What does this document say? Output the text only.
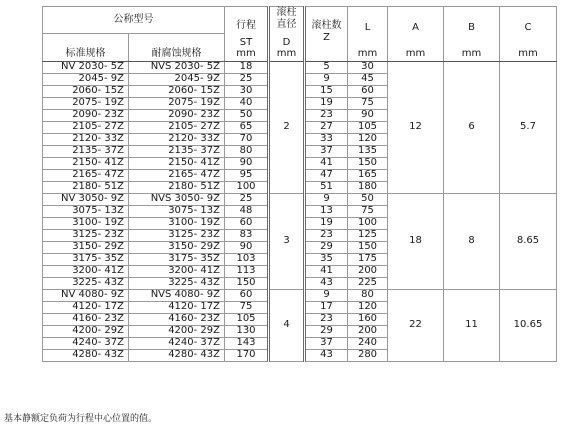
公称型号		行程	滚柱
直径	滚柱数	L	A	B	C
标准规格	耐腐蚀规格	ST
mm	D
mm	Z	mm	mm	mm	mm
NV 2030- 5Z	NVS 2030- 5Z	18	2	5	30	12	6	5.7
2045- 9Z	2045- 9Z	25		9	45			
2060- 15Z	2060- 15Z	30		15	60			
2075- 19Z	2075- 19Z	40		19	75			
2090- 23Z	2090- 23Z	50		23	90			
2105- 27Z	2105- 27Z	65		27	105			
2120- 33Z	2120- 33Z	70		33	120			
2135- 37Z	2135- 37Z	80		37	135			
2150- 41Z	2150- 41Z	90		41	150			
2165- 47Z	2165- 47Z	95		47	165			
2180- 51Z	2180- 51Z	100		51	180			
NV 3050- 9Z	NVS 3050- 9Z	25	3	9	50	18	8	8.65
3075- 13Z	3075- 13Z	48		13	75			
3100- 19Z	3100- 19Z	60		19	100			
3125- 23Z	3125- 23Z	83		23	125			
3150- 29Z	3150- 29Z	90		29	150			
3175- 35Z	3175- 35Z	103		35	175			
3200- 41Z	3200- 41Z	113		41	200			
3225- 43Z	3225- 43Z	150		43	225			
NV 4080- 9Z	NVS 4080- 9Z	60	4	9	80	22	11	10.65
4120- 17Z	4120- 17Z	75		17	120			
4160- 23Z	4160- 23Z	105		23	160			
4200- 29Z	4200- 29Z	130		29	200			
4240- 37Z	4240- 37Z	143		37	240			
4280- 43Z	4280- 43Z	170		43	280			
基本静额定负荷为行程中心位置的值。
